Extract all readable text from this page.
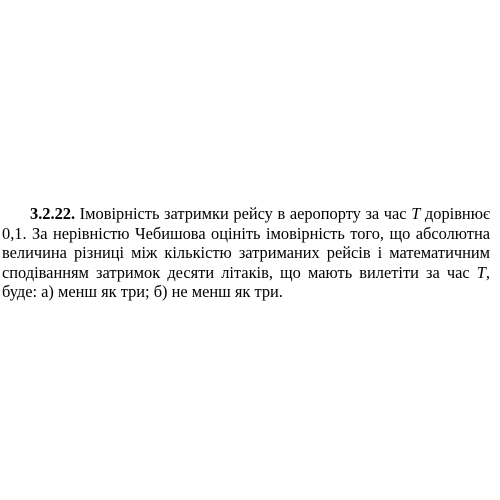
3.2.22. Імовірність затримки рейсу в аеропорту за час T дорівнює 0,1. За нерівністю Чебишова оцініть імовірність того, що абсолютна величина різниці між кількістю затриманих рейсів і математичним сподіванням затримок десяти літаків, що мають вилетіти за час T, буде: а) менш як три; б) не менш як три.
